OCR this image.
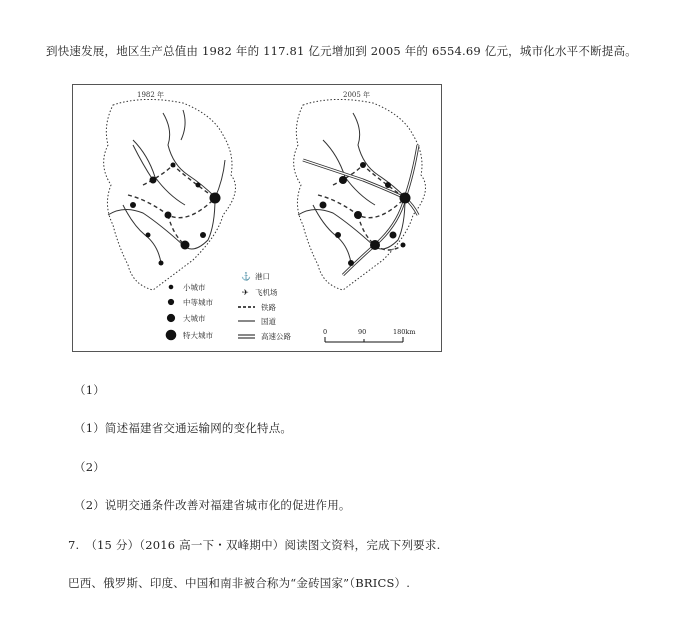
到快速发展，地区生产总值由 1982 年的 117.81 亿元增加到 2005 年的 6554.69 亿元，城市化水平不断提高。
⚓
✈
1982 年	2005 年
小城市
中等城市
大城市
特大城市
港口
飞机场
铁路
国道
高速公路	0	90	180km
（1）
（1）简述福建省交通运输网的变化特点。
（2）
（2）说明交通条件改善对福建省城市化的促进作用。
7.　（15 分）（2016 高一下・双峰期中）阅读图文资料，完成下列要求.
巴西、俄罗斯、印度、中国和南非被合称为“金砖国家”（BRICS）.
